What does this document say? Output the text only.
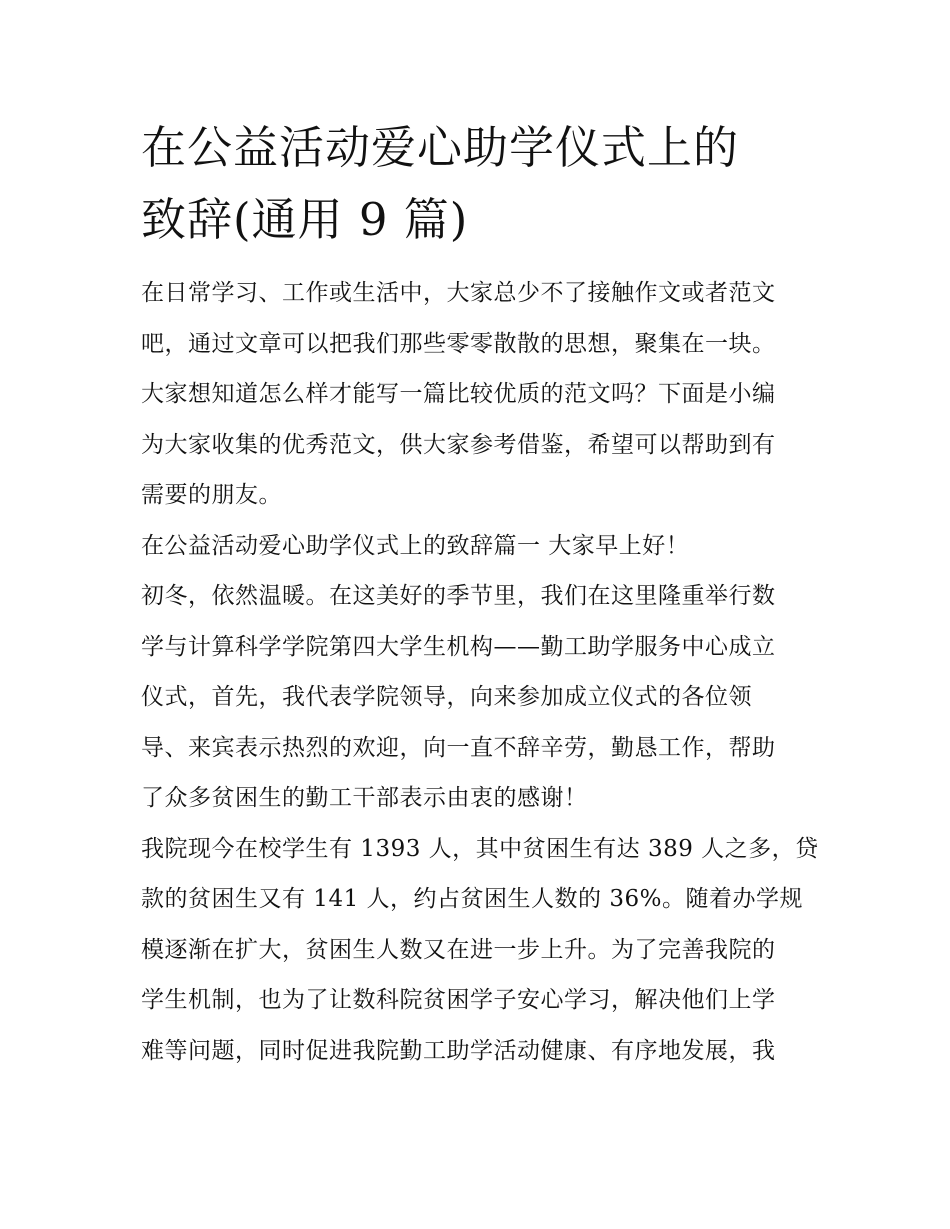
在公益活动爱心助学仪式上的
致辞(通用 9 篇)

在日常学习、工作或生活中，大家总少不了接触作文或者范文

吧，通过文章可以把我们那些零零散散的思想，聚集在一块。

大家想知道怎么样才能写一篇比较优质的范文吗？下面是小编

为大家收集的优秀范文，供大家参考借鉴，希望可以帮助到有

需要的朋友。

在公益活动爱心助学仪式上的致辞篇一 大家早上好！

初冬，依然温暖。在这美好的季节里，我们在这里隆重举行数

学与计算科学学院第四大学生机构——勤工助学服务中心成立

仪式，首先，我代表学院领导，向来参加成立仪式的各位领

导、来宾表示热烈的欢迎，向一直不辞辛劳，勤恳工作，帮助

了众多贫困生的勤工干部表示由衷的感谢！

我院现今在校学生有 1393 人，其中贫困生有达 389 人之多，贷

款的贫困生又有 141 人，约占贫困生人数的 36%。随着办学规

模逐渐在扩大，贫困生人数又在进一步上升。为了完善我院的

学生机制，也为了让数科院贫困学子安心学习，解决他们上学

难等问题，同时促进我院勤工助学活动健康、有序地发展，我
